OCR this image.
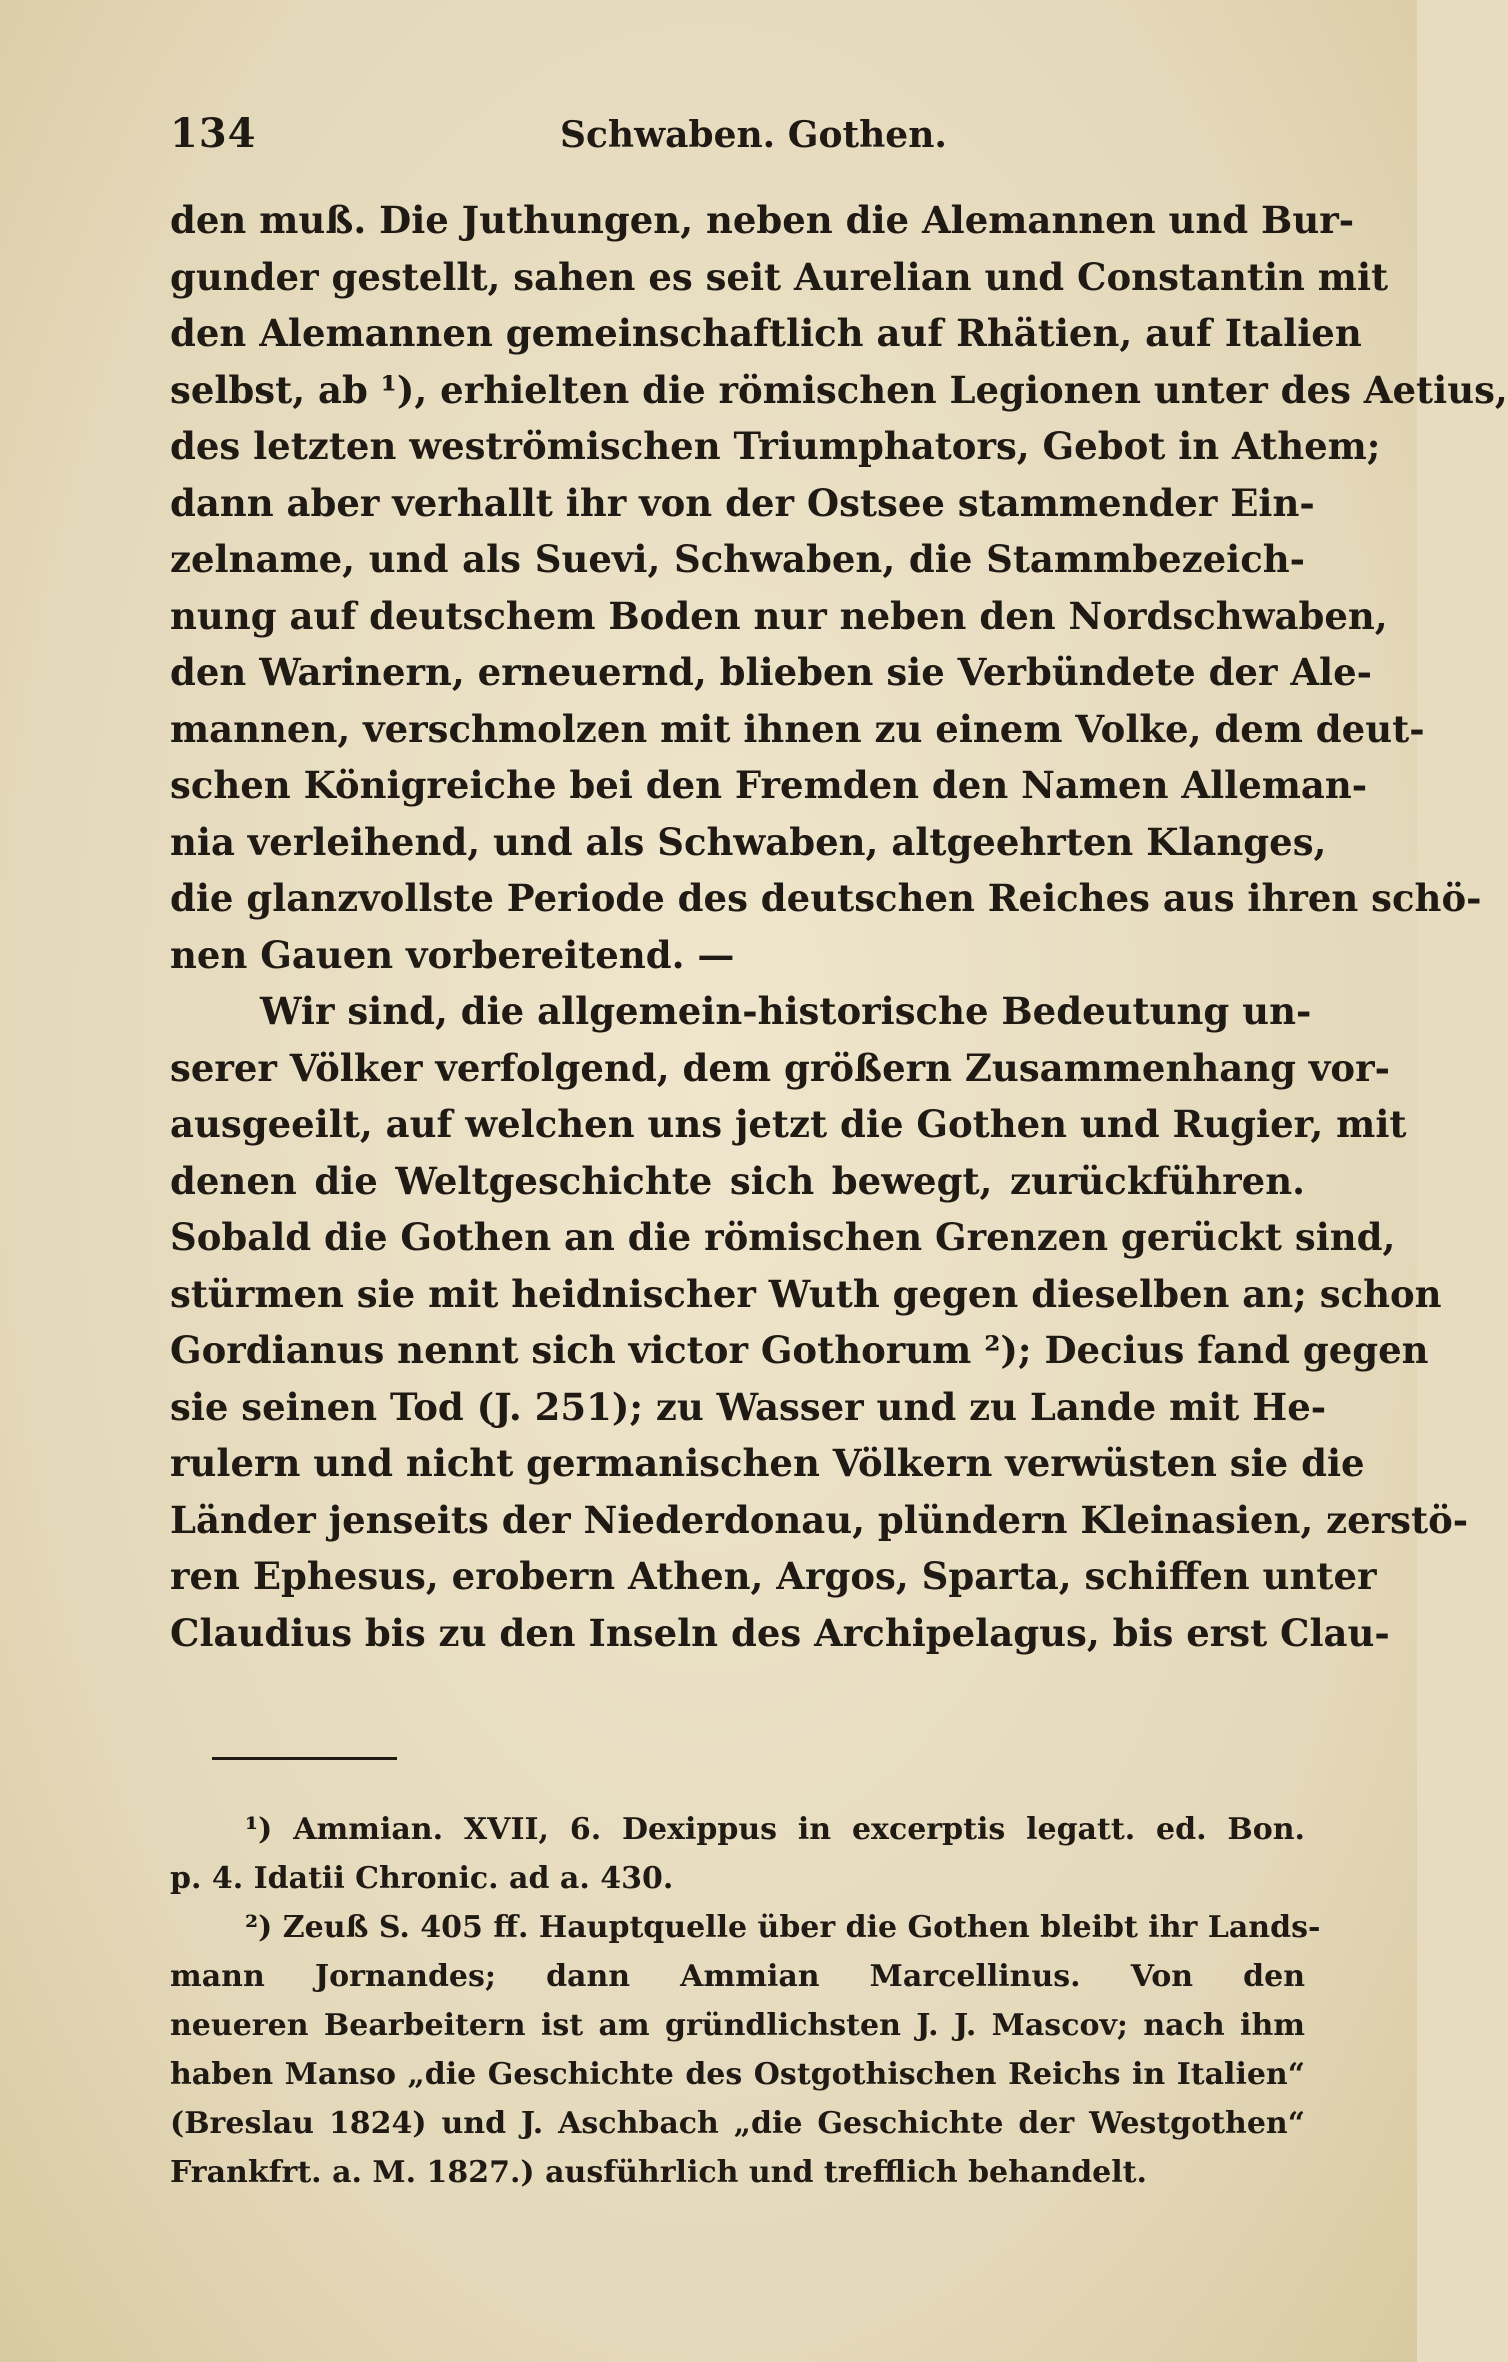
134	Schwaben. Gothen.
den muß. Die Juthungen, neben die Alemannen und Bur-
gunder gestellt, sahen es seit Aurelian und Constantin mit
den Alemannen gemeinschaftlich auf Rhätien, auf Italien
selbst, ab ¹), erhielten die römischen Legionen unter des Aetius,
des letzten weströmischen Triumphators, Gebot in Athem;
dann aber verhallt ihr von der Ostsee stammender Ein-
zelname, und als Suevi, Schwaben, die Stammbezeich-
nung auf deutschem Boden nur neben den Nordschwaben,
den Warinern, erneuernd, blieben sie Verbündete der Ale-
mannen, verschmolzen mit ihnen zu einem Volke, dem deut-
schen Königreiche bei den Fremden den Namen Alleman-
nia verleihend, und als Schwaben, altgeehrten Klanges,
die glanzvollste Periode des deutschen Reiches aus ihren schö-
nen Gauen vorbereitend. —
Wir sind, die allgemein-historische Bedeutung un-
serer Völker verfolgend, dem größern Zusammenhang vor-
ausgeeilt, auf welchen uns jetzt die Gothen und Rugier, mit
denen die Weltgeschichte sich bewegt, zurückführen.
Sobald die Gothen an die römischen Grenzen gerückt sind,
stürmen sie mit heidnischer Wuth gegen dieselben an; schon
Gordianus nennt sich victor Gothorum ²); Decius fand gegen
sie seinen Tod (J. 251); zu Wasser und zu Lande mit He-
rulern und nicht germanischen Völkern verwüsten sie die
Länder jenseits der Niederdonau, plündern Kleinasien, zerstö-
ren Ephesus, erobern Athen, Argos, Sparta, schiffen unter
Claudius bis zu den Inseln des Archipelagus, bis erst Clau-
¹) Ammian. XVII, 6. Dexippus in excerptis legatt. ed. Bon.
p. 4. Idatii Chronic. ad a. 430.
²) Zeuß S. 405 ff. Hauptquelle über die Gothen bleibt ihr Lands-
mann Jornandes; dann Ammian Marcellinus. Von den
neueren Bearbeitern ist am gründlichsten J. J. Mascov; nach ihm
haben Manso „die Geschichte des Ostgothischen Reichs in Italien“
(Breslau 1824) und J. Aschbach „die Geschichte der Westgothen“
Frankfrt. a. M. 1827.) ausführlich und trefflich behandelt.
